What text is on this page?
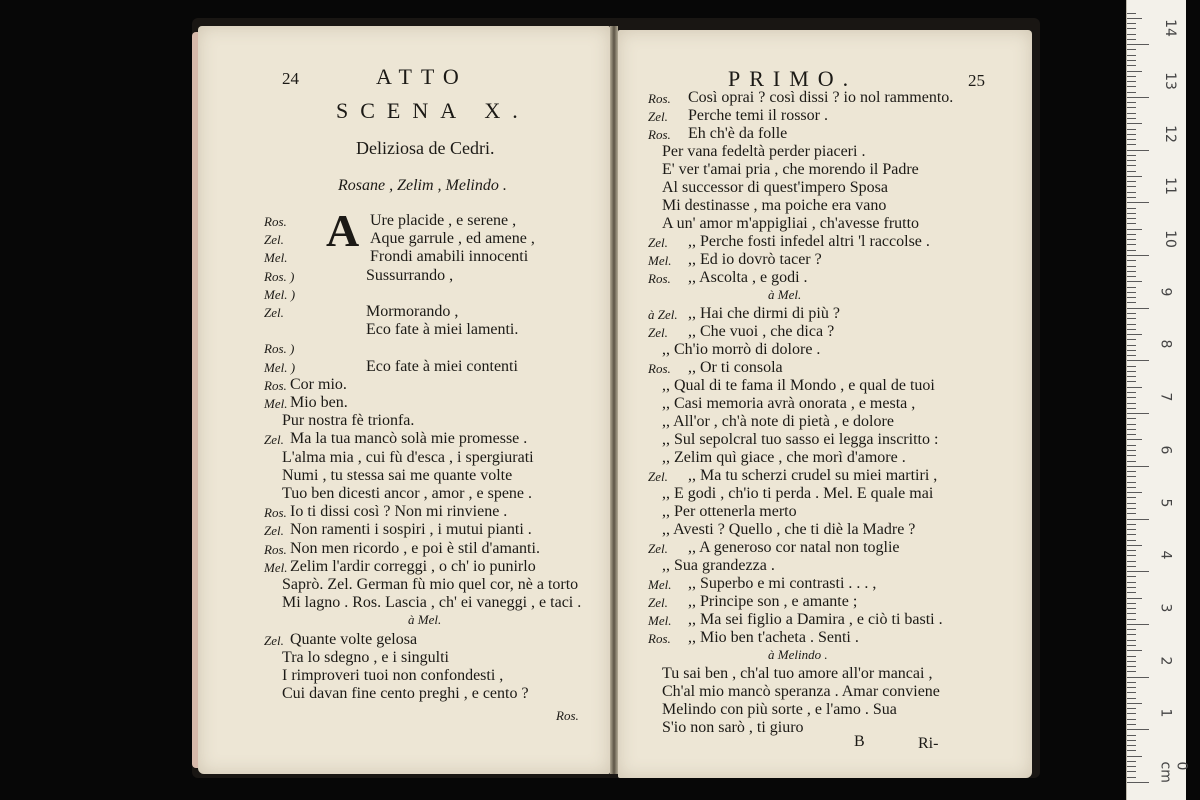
24	ATTO
SCENA X.
Deliziosa de Cedri.
Rosane , Zelim , Melindo .
A
Ros.	Ure placide , e serene ,
Zel.	Aque garrule , ed amene ,
Mel.	Frondi amabili innocenti
Ros. )	Sussurrando ,
Mel. )
Zel.	Mormorando ,
Eco fate à miei lamenti.
Ros. )
Mel. )	Eco fate à miei contenti
Ros. Cor mio.
Mel. Mio ben.
Pur nostra fè trionfa.
Zel. Ma la tua mancò solà mie promesse .
L'alma mia , cui fù d'esca , i spergiurati
Numi , tu stessa sai me quante volte
Tuo ben dicesti ancor , amor , e spene .
Ros. Io ti dissi così ? Non mi rinviene .
Zel. Non ramenti i sospiri , i mutui pianti .
Ros. Non men ricordo , e poi è stil d'amanti.
Mel. Zelim l'ardir correggi , o ch' io punirlo
Saprò. Zel. German fù mio quel cor, nè a torto
Mi lagno . Ros. Lascia , ch' ei vaneggi , e taci .
à Mel.
Zel. Quante volte gelosa
Tra lo sdegno , e i singulti
I rimproveri tuoi non confondesti ,
Cui davan fine cento preghi , e cento ?
Ros.
PRIMO.	25
Ros. Così oprai ? così dissi ? io nol rammento.
Zel. Perche temi il rossor .
Ros. Eh ch'è da folle
Per vana fedeltà perder piaceri .
E' ver t'amai pria , che morendo il Padre
Al successor di quest'impero Sposa
Mi destinasse , ma poiche era vano
A un' amor m'appigliai , ch'avesse frutto
Zel. ,, Perche fosti infedel altri 'l raccolse .
Mel. ,, Ed io dovrò tacer ?
Ros. ,, Ascolta , e godi .
à Mel.
à Zel. ,, Hai che dirmi di più ?
Zel. ,, Che vuoi , che dica ?
,, Ch'io morrò di dolore .
Ros. ,, Or ti consola
,, Qual di te fama il Mondo , e qual de tuoi
,, Casi memoria avrà onorata , e mesta ,
,, All'or , ch'à note di pietà , e dolore
,, Sul sepolcral tuo sasso ei legga inscritto :
,, Zelim quì giace , che morì d'amore .
Zel. ,, Ma tu scherzi crudel su miei martiri ,
,, E godi , ch'io ti perda . Mel. E quale mai
,, Per ottenerla merto
,, Avesti ? Quello , che ti diè la Madre ?
Zel. ,, A generoso cor natal non toglie
,, Sua grandezza .
Mel. ,, Superbo e mi contrasti . . . ,
Zel. ,, Principe son , e amante ;
Mel. ,, Ma sei figlio a Damira , e ciò ti basti .
Ros. ,, Mio ben t'acheta . Senti .
à Melindo .
Tu sai ben , ch'al tuo amore all'or mancai ,
Ch'al mio mancò speranza . Amar conviene
Melindo con più sorte , e l'amo . Sua
S'io non sarò , ti giuro
B	Ri-
0 cm
1
2
3
4
5
6
7
8
9
10
11
12
13
14
